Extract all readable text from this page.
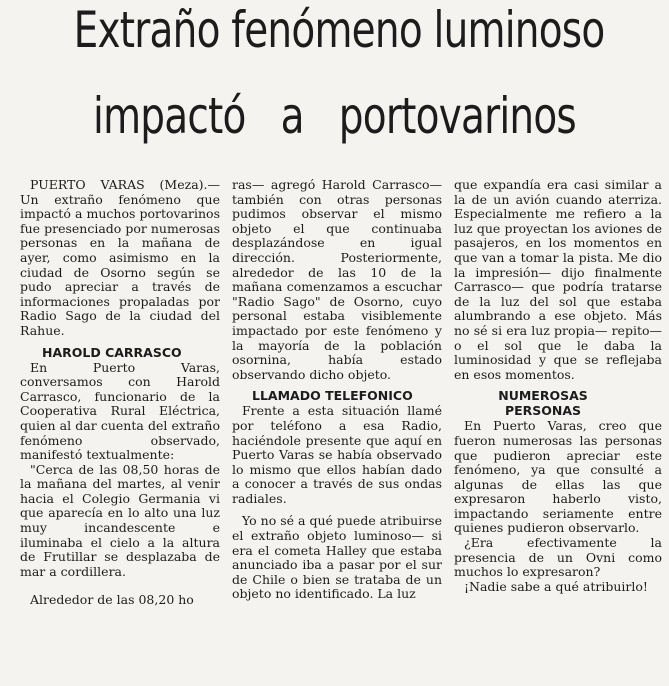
Extraño fenómeno luminoso
impactó a portovarinos

PUERTO VARAS (Meza).— Un extraño fenómeno que impactó a muchos portovarinos fue presenciado por numerosas personas en la mañana de ayer, como asimismo en la ciudad de Osorno según se pudo apreciar a través de informaciones propaladas por Radio Sago de la ciudad del Rahue.

HAROLD CARRASCO

En Puerto Varas, conversamos con Harold Carrasco, funcionario de la Cooperativa Rural Eléctrica, quien al dar cuenta del extraño fenómeno observado, manifestó textualmente:

"Cerca de las 08,50 horas de la mañana del martes, al venir hacia el Colegio Germania vi que aparecía en lo alto una luz muy incandescente e iluminaba el cielo a la altura de Frutillar se desplazaba de mar a cordillera.

Alrededor de las 08,20 ho

ras— agregó Harold Carrasco— también con otras personas pudimos observar el mismo objeto el que continuaba desplazándose en igual dirección. Posteriormente, alrededor de las 10 de la mañana comenzamos a escuchar "Radio Sago" de Osorno, cuyo personal estaba visiblemente impactado por este fenómeno y la mayoría de la población osornina, había estado observando dicho objeto.

LLAMADO TELEFONICO

Frente a esta situación llamé por teléfono a esa Radio, haciéndole presente que aquí en Puerto Varas se había observado lo mismo que ellos habían dado a conocer a través de sus ondas radiales.

Yo no sé a qué puede atribuirse el extraño objeto luminoso— si era el cometa Halley que estaba anunciado iba a pasar por el sur de Chile o bien se trataba de un objeto no identificado. La luz

que expandía era casi similar a la de un avión cuando aterriza. Especialmente me refiero a la luz que proyectan los aviones de pasajeros, en los momentos en que van a tomar la pista. Me dio la impresión— dijo finalmente Carrasco— que podría tratarse de la luz del sol que estaba alumbrando a ese objeto. Más no sé si era luz propia— repito— o el sol que le daba la luminosidad y que se reflejaba en esos momentos.

NUMEROSAS
PERSONAS

En Puerto Varas, creo que fueron numerosas las personas que pudieron apreciar este fenómeno, ya que consulté a algunas de ellas las que expresaron haberlo visto, impactando seriamente entre quienes pudieron observarlo.

¿Era efectivamente la presencia de un Ovni como muchos lo expresaron?

¡Nadie sabe a qué atribuirlo!
